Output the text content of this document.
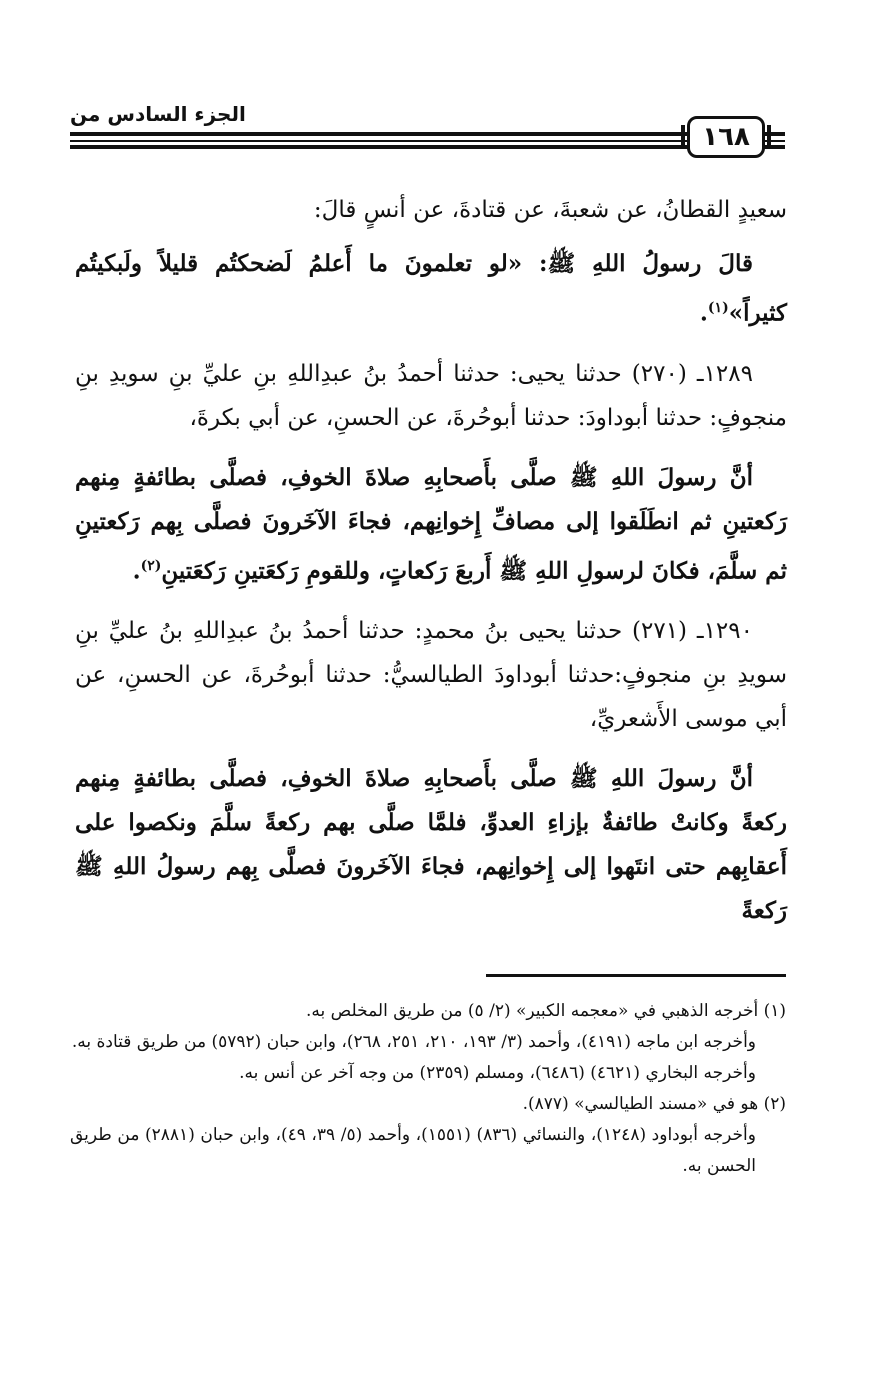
١٦٨
الجزء السادس من

سعيدٍ القطانُ، عن شعبةَ، عن قتادةَ، عن أنسٍ قالَ:

قالَ رسولُ اللهِ ﷺ: «لو تعلمونَ ما أَعلمُ لَضحكتُم قليلاً ولَبكيتُم كثيراً»$^{(١)}$.

١٢٨٩ـ (٢٧٠) حدثنا يحيى: حدثنا أحمدُ بنُ عبدِاللهِ بنِ عليِّ بنِ سويدِ بنِ منجوفٍ: حدثنا أبوداودَ: حدثنا أبوحُرةَ، عن الحسنِ، عن أبي بكرةَ،

أنَّ رسولَ اللهِ ﷺ صلَّى بأَصحابِهِ صلاةَ الخوفِ، فصلَّى بطائفةٍ مِنهم رَكعتينِ ثم انطَلَقوا إلى مصافِّ إِخوانِهم، فجاءَ الآخَرونَ فصلَّى بِهم رَكعتينِ ثم سلَّمَ، فكانَ لرسولِ اللهِ ﷺ أَربعَ رَكعاتٍ، وللقومِ رَكعَتينِ رَكعَتينِ$^{(٢)}$.

١٢٩٠ـ (٢٧١) حدثنا يحيى بنُ محمدٍ: حدثنا أحمدُ بنُ عبدِاللهِ بنُ عليِّ بنِ سويدِ بنِ منجوفٍ:حدثنا أبوداودَ الطيالسيُّ: حدثنا أبوحُرةَ، عن الحسنِ، عن أبي موسى الأَشعريِّ،

أنَّ رسولَ اللهِ ﷺ صلَّى بأَصحابِهِ صلاةَ الخوفِ، فصلَّى بطائفةٍ مِنهم ركعةً وكانتْ طائفةٌ بإزاءِ العدوِّ، فلمَّا صلَّى بهم ركعةً سلَّمَ ونكصوا على أَعقابِهم حتى انتَهوا إلى إِخوانِهم، فجاءَ الآخَرونَ فصلَّى بِهم رسولُ اللهِ ﷺ رَكعةً

(١) أخرجه الذهبي في «معجمه الكبير» (٢/ ٥) من طريق المخلص به.

وأخرجه ابن ماجه (٤١٩١)، وأحمد (٣/ ١٩٣، ٢١٠، ٢٥١، ٢٦٨)، وابن حبان (٥٧٩٢) من طريق قتادة به.

وأخرجه البخاري (٤٦٢١) (٦٤٨٦)، ومسلم (٢٣٥٩) من وجه آخر عن أنس به.

(٢) هو في «مسند الطيالسي» (٨٧٧).

وأخرجه أبوداود (١٢٤٨)، والنسائي (٨٣٦) (١٥٥١)، وأحمد (٥/ ٣٩، ٤٩)، وابن حبان (٢٨٨١) من طريق الحسن به.
